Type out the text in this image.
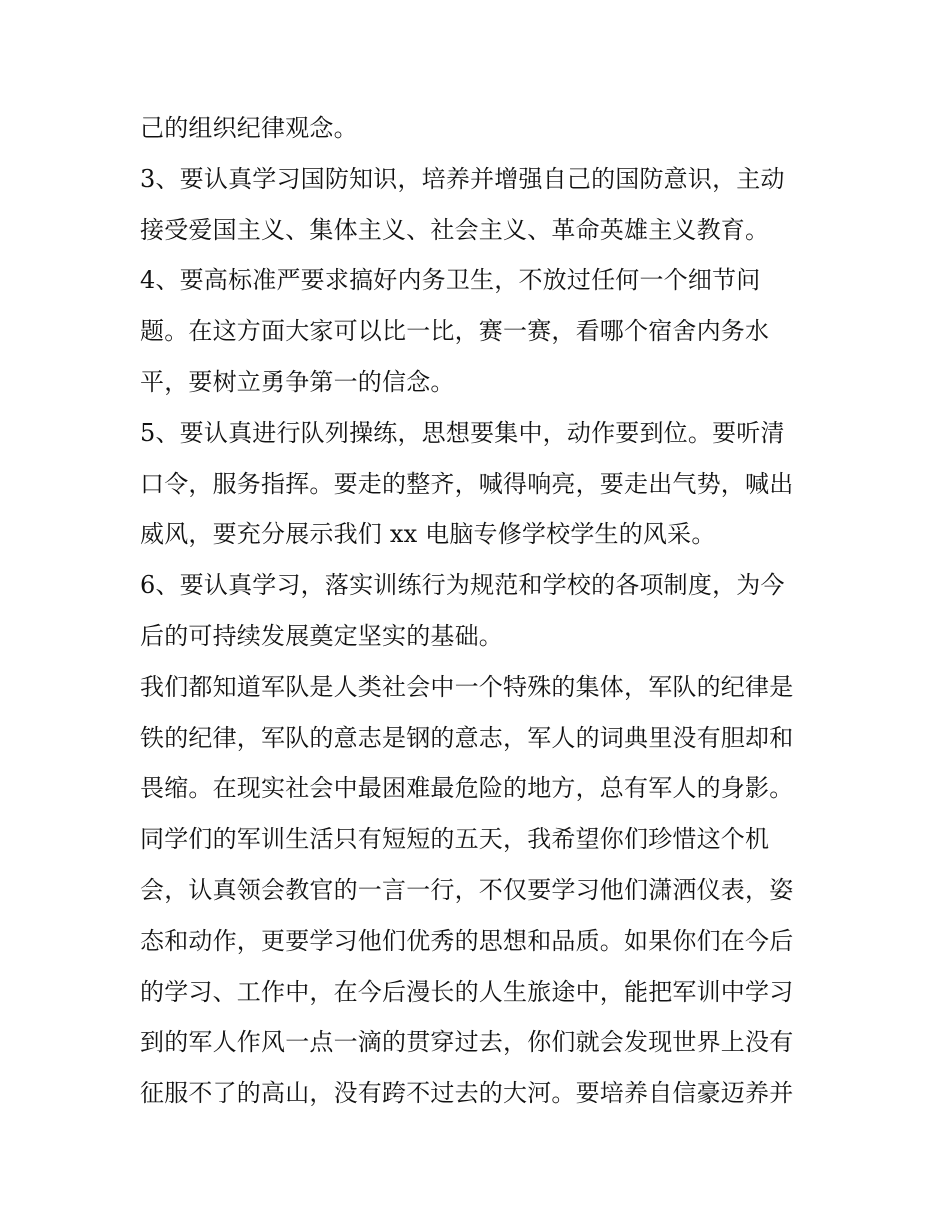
己的组织纪律观念。
3、要认真学习国防知识，培养并增强自己的国防意识，主动
接受爱国主义、集体主义、社会主义、革命英雄主义教育。
4、要高标准严要求搞好内务卫生，不放过任何一个细节问
题。在这方面大家可以比一比，赛一赛，看哪个宿舍内务水
平，要树立勇争第一的信念。
5、要认真进行队列操练，思想要集中，动作要到位。要听清
口令，服务指挥。要走的整齐，喊得响亮，要走出气势，喊出
威风，要充分展示我们 xx 电脑专修学校学生的风采。
6、要认真学习，落实训练行为规范和学校的各项制度，为今
后的可持续发展奠定坚实的基础。
我们都知道军队是人类社会中一个特殊的集体，军队的纪律是
铁的纪律，军队的意志是钢的意志，军人的词典里没有胆却和
畏缩。在现实社会中最困难最危险的地方，总有军人的身影。
同学们的军训生活只有短短的五天，我希望你们珍惜这个机
会，认真领会教官的一言一行，不仅要学习他们潇洒仪表，姿
态和动作，更要学习他们优秀的思想和品质。如果你们在今后
的学习、工作中，在今后漫长的人生旅途中，能把军训中学习
到的军人作风一点一滴的贯穿过去，你们就会发现世界上没有
征服不了的高山，没有跨不过去的大河。要培养自信豪迈养并
